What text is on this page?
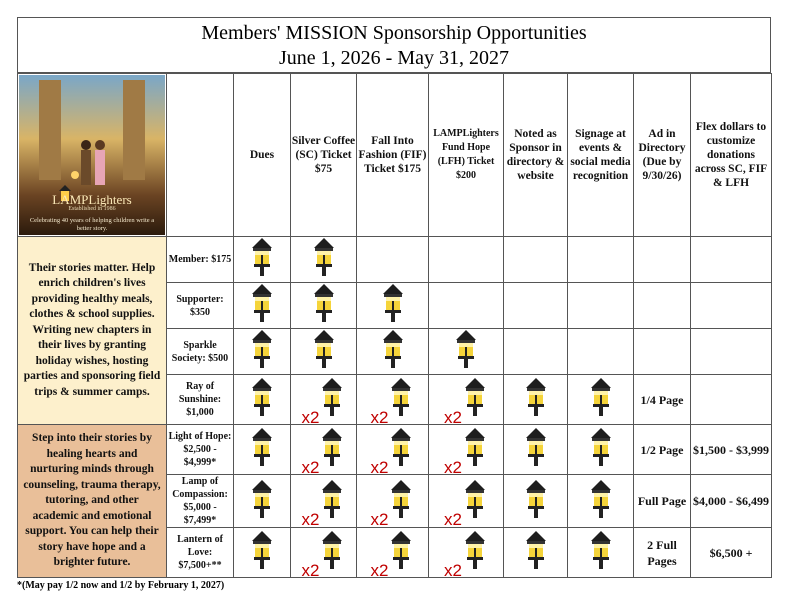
Members' MISSION Sponsorship Opportunities
June 1, 2026 - May 31, 2027
LAMPLighters
Established in 1986
Celebrating 40 years of helping children write a better story.		Dues	Silver Coffee (SC) Ticket $75	Fall Into Fashion (FIF) Ticket $175	LAMPLighters Fund Hope (LFH) Ticket $200	Noted as Sponsor in directory & website	Signage at events & social media recognition	Ad in Directory (Due by 9/30/26)	Flex dollars to customize donations across SC, FIF & LFH
Their stories matter. Help enrich children's lives providing healthy meals, clothes & school supplies. Writing new chapters in their lives by granting holiday wishes, hosting parties and sponsoring field trips & summer camps.	Member: $175								
	Supporter: $350								
	Sparkle Society: $500								
	Ray of Sunshine: $1,000		x2	x2	x2			1/4 Page	
Step into their stories by healing hearts and nurturing minds through counseling, trauma therapy, tutoring, and other academic and emotional support. You can help their story have hope and a brighter future.	Light of Hope: $2,500 - $4,999*		x2	x2	x2			1/2 Page	$1,500 - $3,999
	Lamp of Compassion: $5,000 - $7,499*		x2	x2	x2			Full Page	$4,000 - $6,499
	Lantern of Love: $7,500+**		x2	x2	x2			2 Full Pages	$6,500 +
*(May pay 1/2 now and 1/2 by February 1, 2027)
